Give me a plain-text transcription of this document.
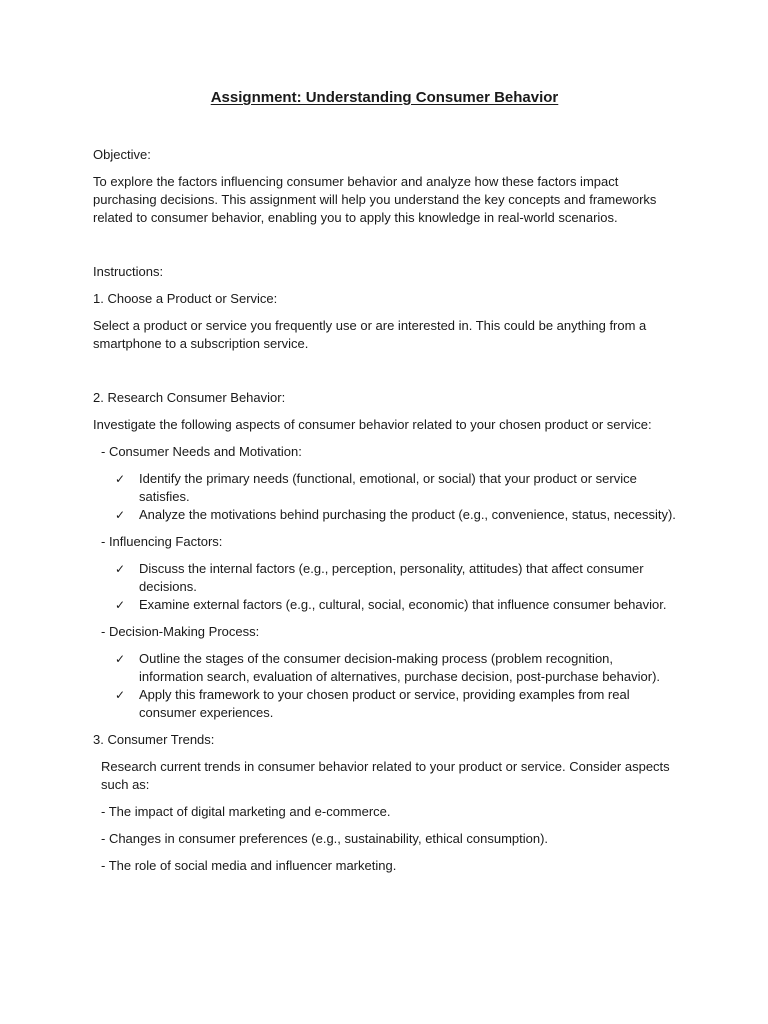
Assignment: Understanding Consumer Behavior

Objective:

To explore the factors influencing consumer behavior and analyze how these factors impact purchasing decisions. This assignment will help you understand the key concepts and frameworks related to consumer behavior, enabling you to apply this knowledge in real-world scenarios.

Instructions:

1. Choose a Product or Service:

Select a product or service you frequently use or are interested in. This could be anything from a smartphone to a subscription service.

2. Research Consumer Behavior:

Investigate the following aspects of consumer behavior related to your chosen product or service:

- Consumer Needs and Motivation:

✓ Identify the primary needs (functional, emotional, or social) that your product or service satisfies.
✓ Analyze the motivations behind purchasing the product (e.g., convenience, status, necessity).

- Influencing Factors:

✓ Discuss the internal factors (e.g., perception, personality, attitudes) that affect consumer decisions.
✓ Examine external factors (e.g., cultural, social, economic) that influence consumer behavior.

- Decision-Making Process:

✓ Outline the stages of the consumer decision-making process (problem recognition, information search, evaluation of alternatives, purchase decision, post-purchase behavior).
✓ Apply this framework to your chosen product or service, providing examples from real consumer experiences.

3. Consumer Trends:

Research current trends in consumer behavior related to your product or service. Consider aspects such as:

- The impact of digital marketing and e-commerce.

- Changes in consumer preferences (e.g., sustainability, ethical consumption).

- The role of social media and influencer marketing.
